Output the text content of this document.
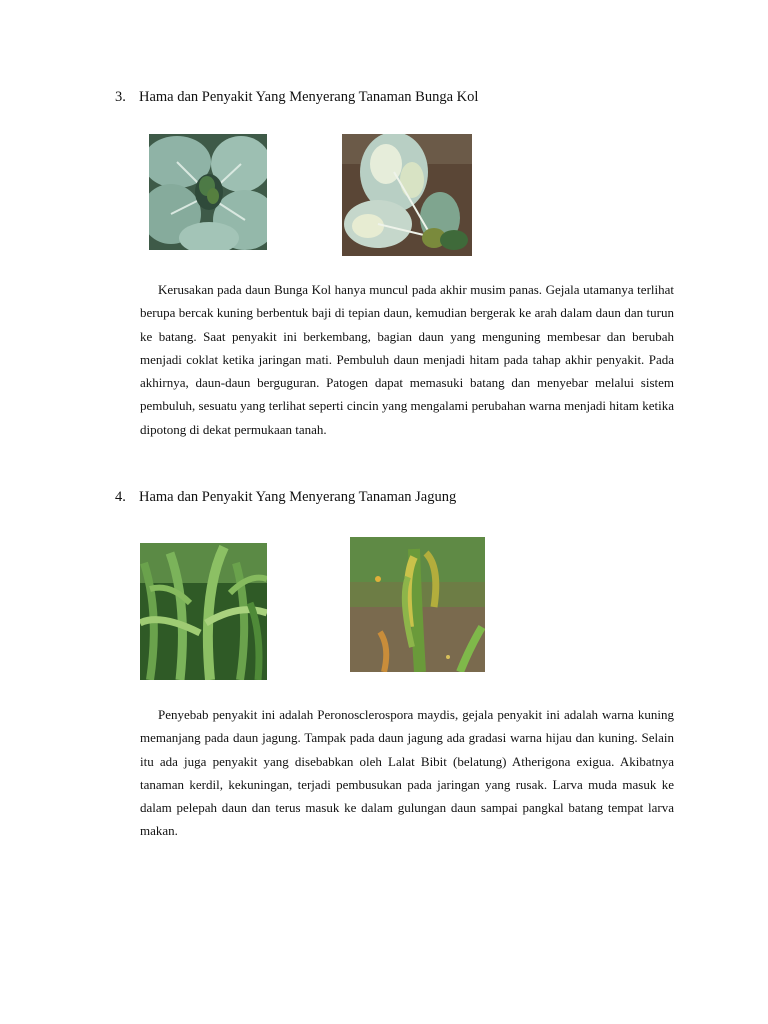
3. Hama dan Penyakit Yang Menyerang Tanaman Bunga Kol

Kerusakan pada daun Bunga Kol hanya muncul pada akhir musim panas. Gejala utamanya terlihat berupa bercak kuning berbentuk baji di tepian daun, kemudian bergerak ke arah dalam daun dan turun ke batang. Saat penyakit ini berkembang, bagian daun yang menguning membesar dan berubah menjadi coklat ketika jaringan mati. Pembuluh daun menjadi hitam pada tahap akhir penyakit. Pada akhirnya, daun-daun berguguran. Patogen dapat memasuki batang dan menyebar melalui sistem pembuluh, sesuatu yang terlihat seperti cincin yang mengalami perubahan warna menjadi hitam ketika dipotong di dekat permukaan tanah.

4. Hama dan Penyakit Yang Menyerang Tanaman Jagung

Penyebab penyakit ini adalah Peronosclerospora maydis, gejala penyakit ini adalah warna kuning memanjang pada daun jagung. Tampak pada daun jagung ada gradasi warna hijau dan kuning. Selain itu ada juga penyakit yang disebabkan oleh Lalat Bibit (belatung) Atherigona exigua. Akibatnya tanaman kerdil, kekuningan, terjadi pembusukan pada jaringan yang rusak. Larva muda masuk ke dalam pelepah daun dan terus masuk ke dalam gulungan daun sampai pangkal batang tempat larva makan.
